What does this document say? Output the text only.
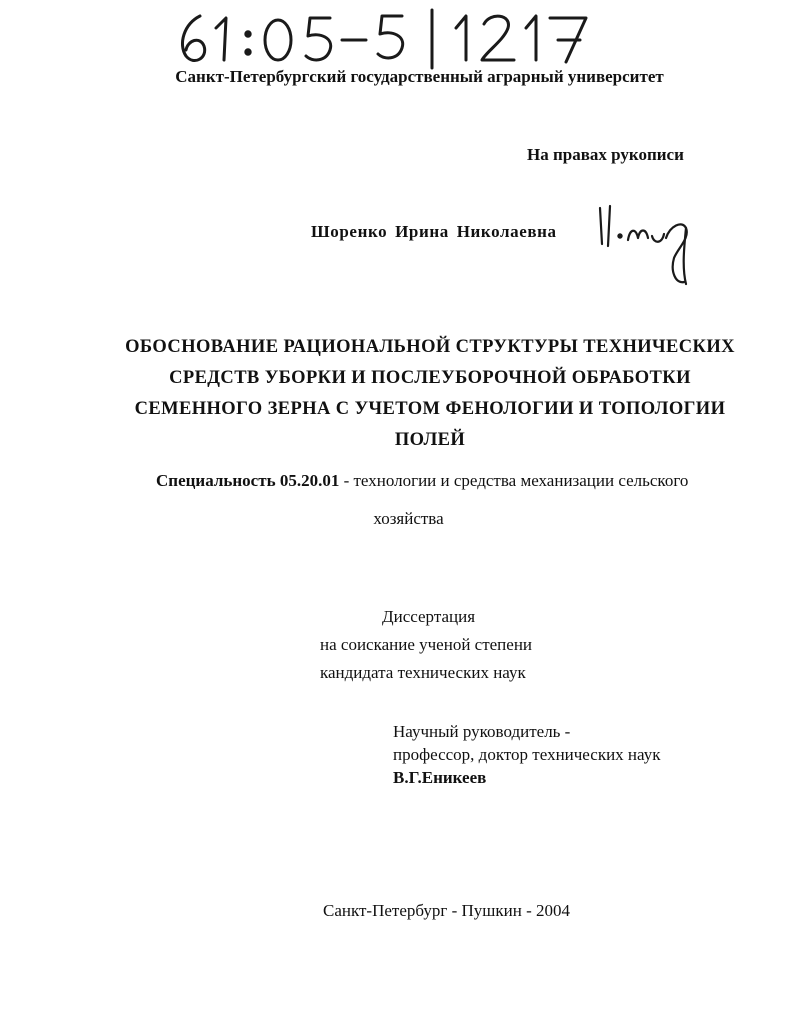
Санкт-Петербургский государственный аграрный университет
На правах рукописи
Шоренко Ирина Николаевна
ОБОСНОВАНИЕ РАЦИОНАЛЬНОЙ СТРУКТУРЫ ТЕХНИЧЕСКИХ
СРЕДСТВ УБОРКИ И ПОСЛЕУБОРОЧНОЙ ОБРАБОТКИ
СЕМЕННОГО ЗЕРНА С УЧЕТОМ ФЕНОЛОГИИ И ТОПОЛОГИИ
ПОЛЕЙ
Специальность 05.20.01 - технологии и средства механизации сельского
хозяйства
Диссертация
на соискание ученой степени
кандидата технических наук
Научный руководитель -
профессор, доктор технических наук
В.Г.Еникеев
Санкт-Петербург - Пушкин - 2004
